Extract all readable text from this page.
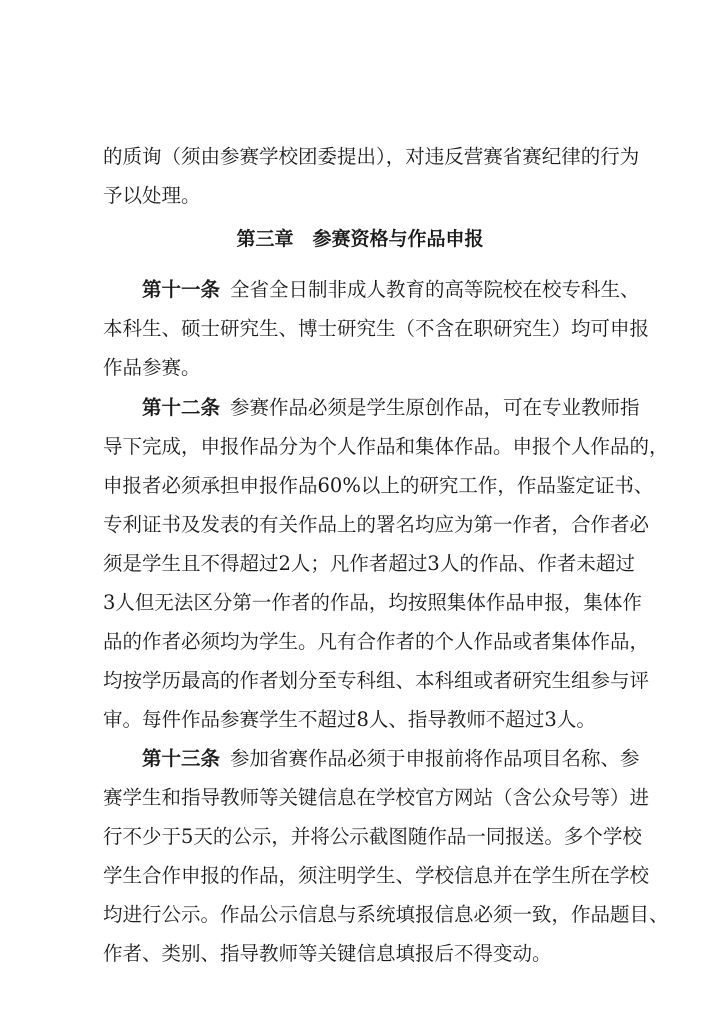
的质询（须由参赛学校团委提出），对违反营赛省赛纪律的行为
予以处理。
第三章　参赛资格与作品申报
第十一条 全省全日制非成人教育的高等院校在校专科生、
本科生、硕士研究生、博士研究生（不含在职研究生）均可申报
作品参赛。
第十二条 参赛作品必须是学生原创作品，可在专业教师指
导下完成，申报作品分为个人作品和集体作品。申报个人作品的，
申报者必须承担申报作品60%以上的研究工作，作品鉴定证书、
专利证书及发表的有关作品上的署名均应为第一作者，合作者必
须是学生且不得超过2人；凡作者超过3人的作品、作者未超过
3人但无法区分第一作者的作品，均按照集体作品申报，集体作
品的作者必须均为学生。凡有合作者的个人作品或者集体作品，
均按学历最高的作者划分至专科组、本科组或者研究生组参与评
审。每件作品参赛学生不超过8人、指导教师不超过3人。
第十三条 参加省赛作品必须于申报前将作品项目名称、参
赛学生和指导教师等关键信息在学校官方网站（含公众号等）进
行不少于5天的公示，并将公示截图随作品一同报送。多个学校
学生合作申报的作品，须注明学生、学校信息并在学生所在学校
均进行公示。作品公示信息与系统填报信息必须一致，作品题目、
作者、类别、指导教师等关键信息填报后不得变动。
